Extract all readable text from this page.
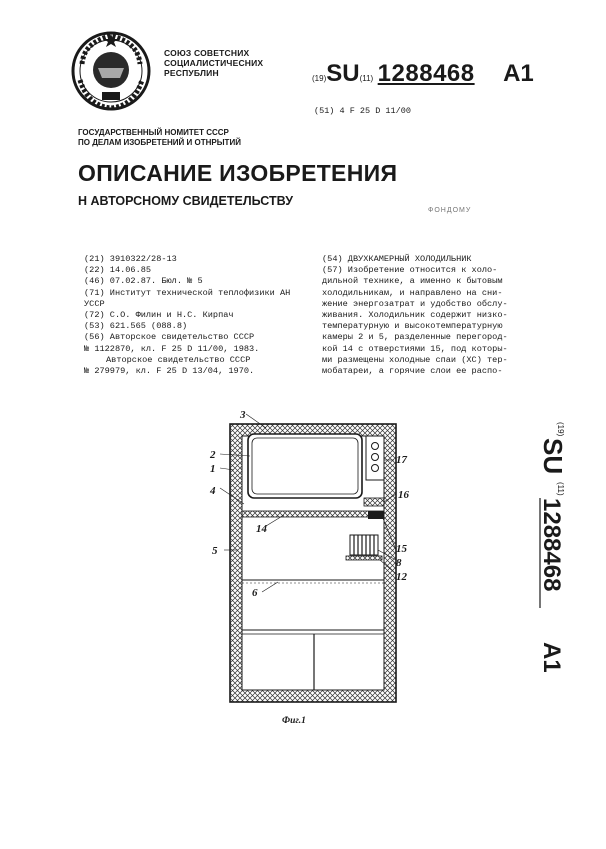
СОЮЗ СОВЕТСНИХ
СОЦИАЛИСТИЧЕСНИХ
РЕСПУБЛИН
(19)SU(11) 1288468 A1
(51) 4 F 25 D 11/00
ГОСУДАРСТВЕННЫЙ НОМИТЕТ СССР
ПО ДЕЛАМ ИЗОБРЕТЕНИЙ И ОТНРЫТИЙ
ОПИСАНИЕ ИЗОБРЕТЕНИЯ
Н АВТОРСНОМУ СВИДЕТЕЛЬСТВУ
ФОНДОМУ
(21) 3910322/28-13
(22) 14.06.85
(46) 07.02.87. Бюл. № 5
(71) Институт технической теплофизики АН УССР
(72) С.О. Филин и Н.С. Кирпач
(53) 621.565 (088.8)
(56) Авторское свидетельство СССР
№ 1122870, кл. F 25 D 11/00, 1983.
Авторское свидетельство СССР
№ 279979, кл. F 25 D 13/04, 1970.
(54) ДВУХКАМЕРНЫЙ ХОЛОДИЛЬНИК
(57) Изобретение относится к холо-
дильной технике, а именно к бытовым
холодильникам, и направлено на сни-
жение энергозатрат и удобство обслу-
живания. Холодильник содержит низко-
температурную и высокотемпературную
камеры 2 и 5, разделенные перегород-
кой 14 с отверстиями 15, под которы-
ми размещены холодные спаи (ХС) тер-
мобатареи, а горячие слои ее распо-
3
2
1
4
5
17
16
14
15
8
12
6
Фиг.1
(19)
SU
(11)
1288468
A1
